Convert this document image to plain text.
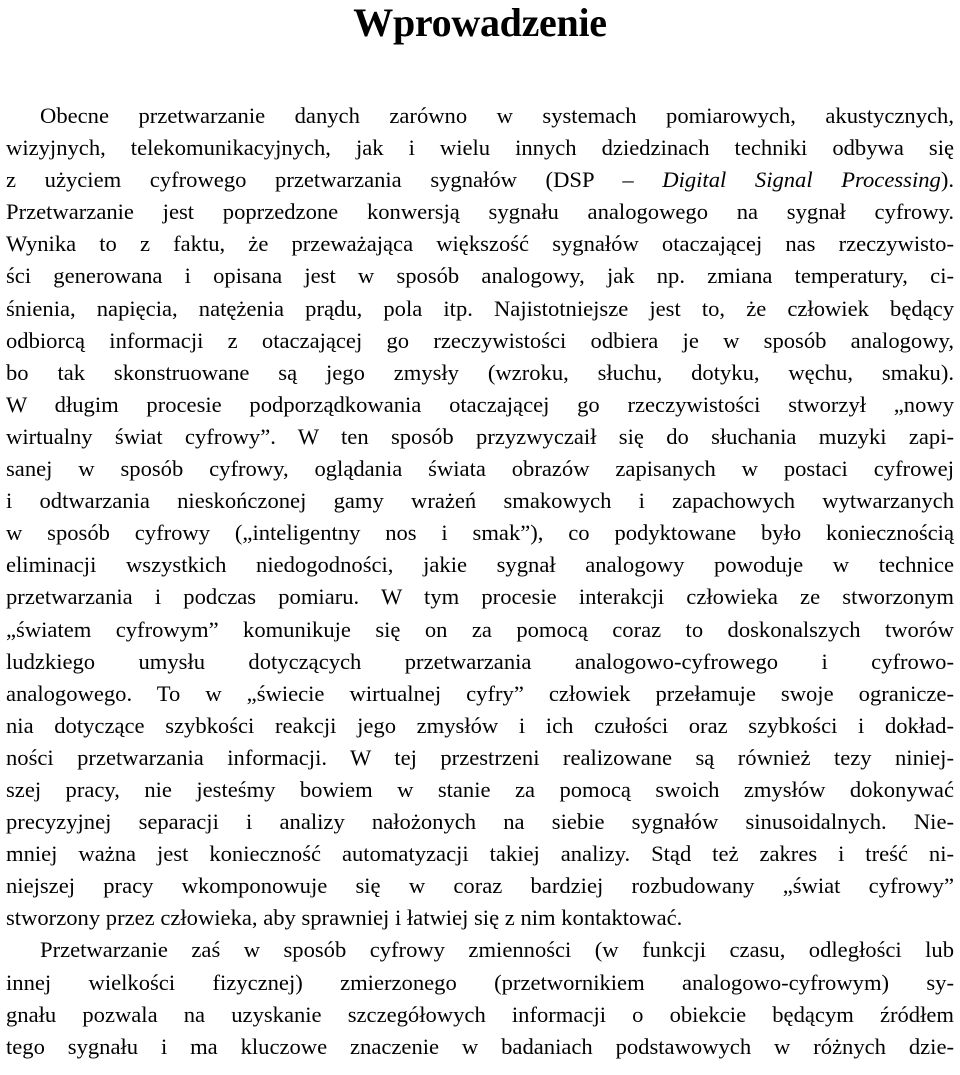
Wprowadzenie
Obecne przetwarzanie danych zarówno w systemach pomiarowych, akustycznych,
wizyjnych, telekomunikacyjnych, jak i wielu innych dziedzinach techniki odbywa się
z użyciem cyfrowego przetwarzania sygnałów (DSP – Digital Signal Processing).
Przetwarzanie jest poprzedzone konwersją sygnału analogowego na sygnał cyfrowy.
Wynika to z faktu, że przeważająca większość sygnałów otaczającej nas rzeczywisto-
ści generowana i opisana jest w sposób analogowy, jak np. zmiana temperatury, ci-
śnienia, napięcia, natężenia prądu, pola itp. Najistotniejsze jest to, że człowiek będący
odbiorcą informacji z otaczającej go rzeczywistości odbiera je w sposób analogowy,
bo tak skonstruowane są jego zmysły (wzroku, słuchu, dotyku, węchu, smaku).
W długim procesie podporządkowania otaczającej go rzeczywistości stworzył „nowy
wirtualny świat cyfrowy”. W ten sposób przyzwyczaił się do słuchania muzyki zapi-
sanej w sposób cyfrowy, oglądania świata obrazów zapisanych w postaci cyfrowej
i odtwarzania nieskończonej gamy wrażeń smakowych i zapachowych wytwarzanych
w sposób cyfrowy („inteligentny nos i smak”), co podyktowane było koniecznością
eliminacji wszystkich niedogodności, jakie sygnał analogowy powoduje w technice
przetwarzania i podczas pomiaru. W tym procesie interakcji człowieka ze stworzonym
„światem cyfrowym” komunikuje się on za pomocą coraz to doskonalszych tworów
ludzkiego umysłu dotyczących przetwarzania analogowo-cyfrowego i cyfrowo-
analogowego. To w „świecie wirtualnej cyfry” człowiek przełamuje swoje ogranicze-
nia dotyczące szybkości reakcji jego zmysłów i ich czułości oraz szybkości i dokład-
ności przetwarzania informacji. W tej przestrzeni realizowane są również tezy niniej-
szej pracy, nie jesteśmy bowiem w stanie za pomocą swoich zmysłów dokonywać
precyzyjnej separacji i analizy nałożonych na siebie sygnałów sinusoidalnych. Nie-
mniej ważna jest konieczność automatyzacji takiej analizy. Stąd też zakres i treść ni-
niejszej pracy wkomponowuje się w coraz bardziej rozbudowany „świat cyfrowy”
stworzony przez człowieka, aby sprawniej i łatwiej się z nim kontaktować.
Przetwarzanie zaś w sposób cyfrowy zmienności (w funkcji czasu, odległości lub
innej wielkości fizycznej) zmierzonego (przetwornikiem analogowo-cyfrowym) sy-
gnału pozwala na uzyskanie szczegółowych informacji o obiekcie będącym źródłem
tego sygnału i ma kluczowe znaczenie w badaniach podstawowych w różnych dzie-
